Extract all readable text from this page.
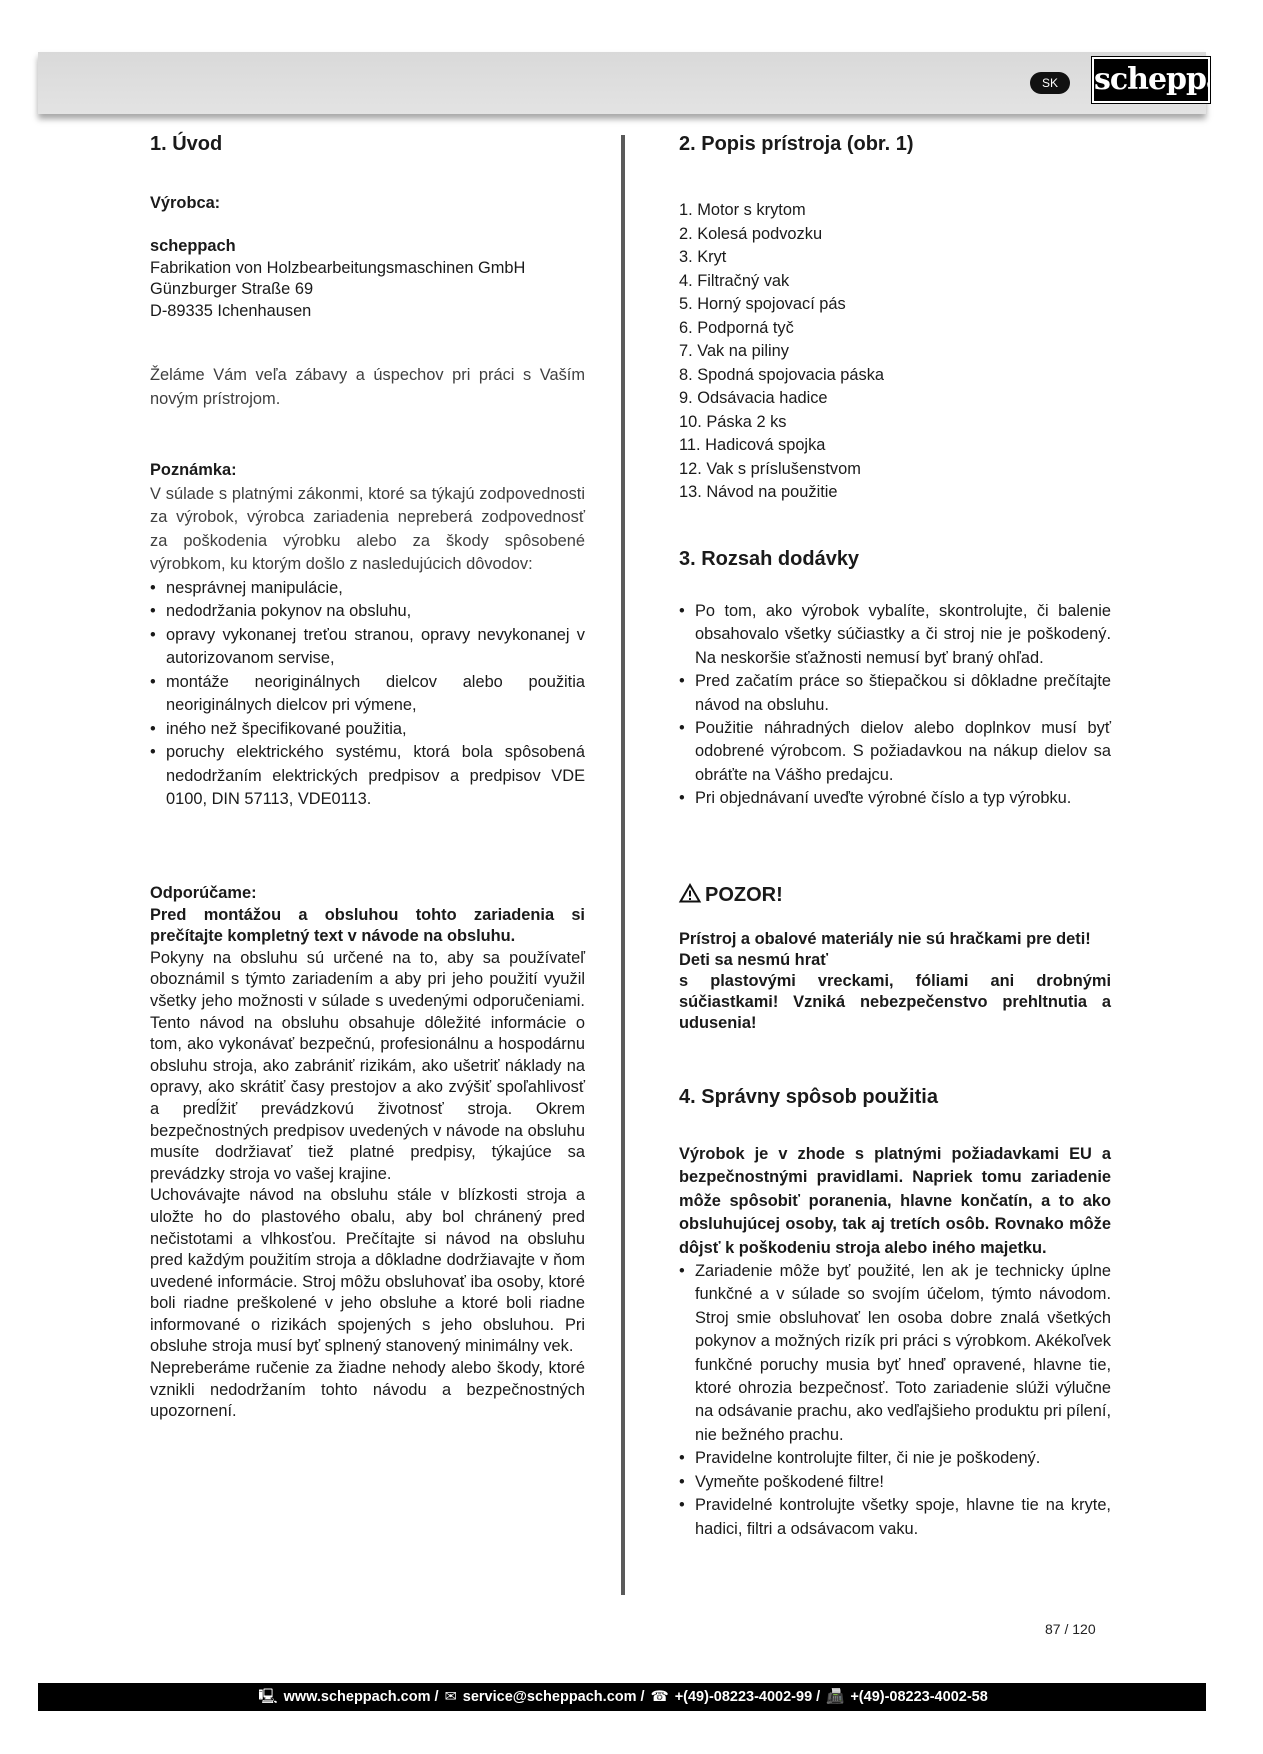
SK	scheppach
1. Úvod
Výrobca:
scheppach
Fabrikation von Holzbearbeitungsmaschinen GmbH
Günzburger Straße 69
D-89335 Ichenhausen
Želáme Vám veľa zábavy a úspechov pri práci s Vaším novým prístrojom.
Poznámka:
V súlade s platnými zákonmi, ktoré sa týkajú zodpovednosti za výrobok, výrobca zariadenia nepreberá zodpovednosť za poškodenia výrobku alebo za škody spôsobené výrobkom, ku ktorým došlo z nasledujúcich dôvodov:
• nesprávnej manipulácie,
• nedodržania pokynov na obsluhu,
• opravy vykonanej treťou stranou, opravy nevykonanej v autorizovanom servise,
• montáže neoriginálnych dielcov alebo použitia neoriginálnych dielcov pri výmene,
• iného než špecifikované použitia,
• poruchy elektrického systému, ktorá bola spôsobená nedodržaním elektrických predpisov a predpisov VDE 0100, DIN 57113, VDE0113.
Odporúčame:
Pred montážou a obsluhou tohto zariadenia si prečítajte kompletný text v návode na obsluhu.
Pokyny na obsluhu sú určené na to, aby sa používateľ oboznámil s týmto zariadením a aby pri jeho použití využil všetky jeho možnosti v súlade s uvedenými odporučeniami. Tento návod na obsluhu obsahuje dôležité informácie o tom, ako vykonávať bezpečnú, profesionálnu a hospodárnu obsluhu stroja, ako zabrániť rizikám, ako ušetriť náklady na opravy, ako skrátiť časy prestojov a ako zvýšiť spoľahlivosť a predĺžiť prevádzkovú životnosť stroja. Okrem bezpečnostných predpisov uvedených v návode na obsluhu musíte dodržiavať tiež platné predpisy, týkajúce sa prevádzky stroja vo vašej krajine.
Uchovávajte návod na obsluhu stále v blízkosti stroja a uložte ho do plastového obalu, aby bol chránený pred nečistotami a vlhkosťou. Prečítajte si návod na obsluhu pred každým použitím stroja a dôkladne dodržiavajte v ňom uvedené informácie. Stroj môžu obsluhovať iba osoby, ktoré boli riadne preškolené v jeho obsluhe a ktoré boli riadne informované o rizikách spojených s jeho obsluhou. Pri obsluhe stroja musí byť splnený stanovený minimálny vek.
Nepreberáme ručenie za žiadne nehody alebo škody, ktoré vznikli nedodržaním tohto návodu a bezpečnostných upozornení.
2. Popis prístroja (obr. 1)
1. Motor s krytom
2. Kolesá podvozku
3. Kryt
4. Filtračný vak
5. Horný spojovací pás
6. Podporná tyč
7. Vak na piliny
8. Spodná spojovacia páska
9. Odsávacia hadice
10. Páska 2 ks
11. Hadicová spojka
12. Vak s príslušenstvom
13. Návod na použitie
3. Rozsah dodávky
• Po tom, ako výrobok vybalíte, skontrolujte, či balenie obsahovalo všetky súčiastky a či stroj nie je poškodený. Na neskoršie sťažnosti nemusí byť braný ohľad.
• Pred začatím práce so štiepačkou si dôkladne prečítajte návod na obsluhu.
• Použitie náhradných dielov alebo doplnkov musí byť odobrené výrobcom. S požiadavkou na nákup dielov sa obráťte na Vášho predajcu.
• Pri objednávaní uveďte výrobné číslo a typ výrobku.
POZOR!
Prístroj a obalové materiály nie sú hračkami pre deti! Deti sa nesmú hrať
s plastovými vreckami, fóliami ani drobnými súčiastkami! Vzniká nebezpečenstvo prehltnutia a udusenia!
4. Správny spôsob použitia
Výrobok je v zhode s platnými požiadavkami EU a bezpečnostnými pravidlami. Napriek tomu zariadenie môže spôsobiť poranenia, hlavne končatín, a to ako obsluhujúcej osoby, tak aj tretích osôb. Rovnako môže dôjsť k poškodeniu stroja alebo iného majetku.
• Zariadenie môže byť použité, len ak je technicky úplne funkčné a v súlade so svojím účelom, týmto návodom. Stroj smie obsluhovať len osoba dobre znalá všetkých pokynov a možných rizík pri práci s výrobkom. Akékoľvek funkčné poruchy musia byť hneď opravené, hlavne tie, ktoré ohrozia bezpečnosť. Toto zariadenie slúži výlučne na odsávanie prachu, ako vedľajšieho produktu pri pílení, nie bežného prachu.
• Pravidelne kontrolujte filter, či nie je poškodený.
• Vymeňte poškodené filtre!
• Pravidelné kontrolujte všetky spoje, hlavne tie na kryte, hadici, filtri a odsávacom vaku.
87 / 120
🖳 www.scheppach.com / ✉ service@scheppach.com / ☎ +(49)-08223-4002-99 / 📠 +(49)-08223-4002-58
